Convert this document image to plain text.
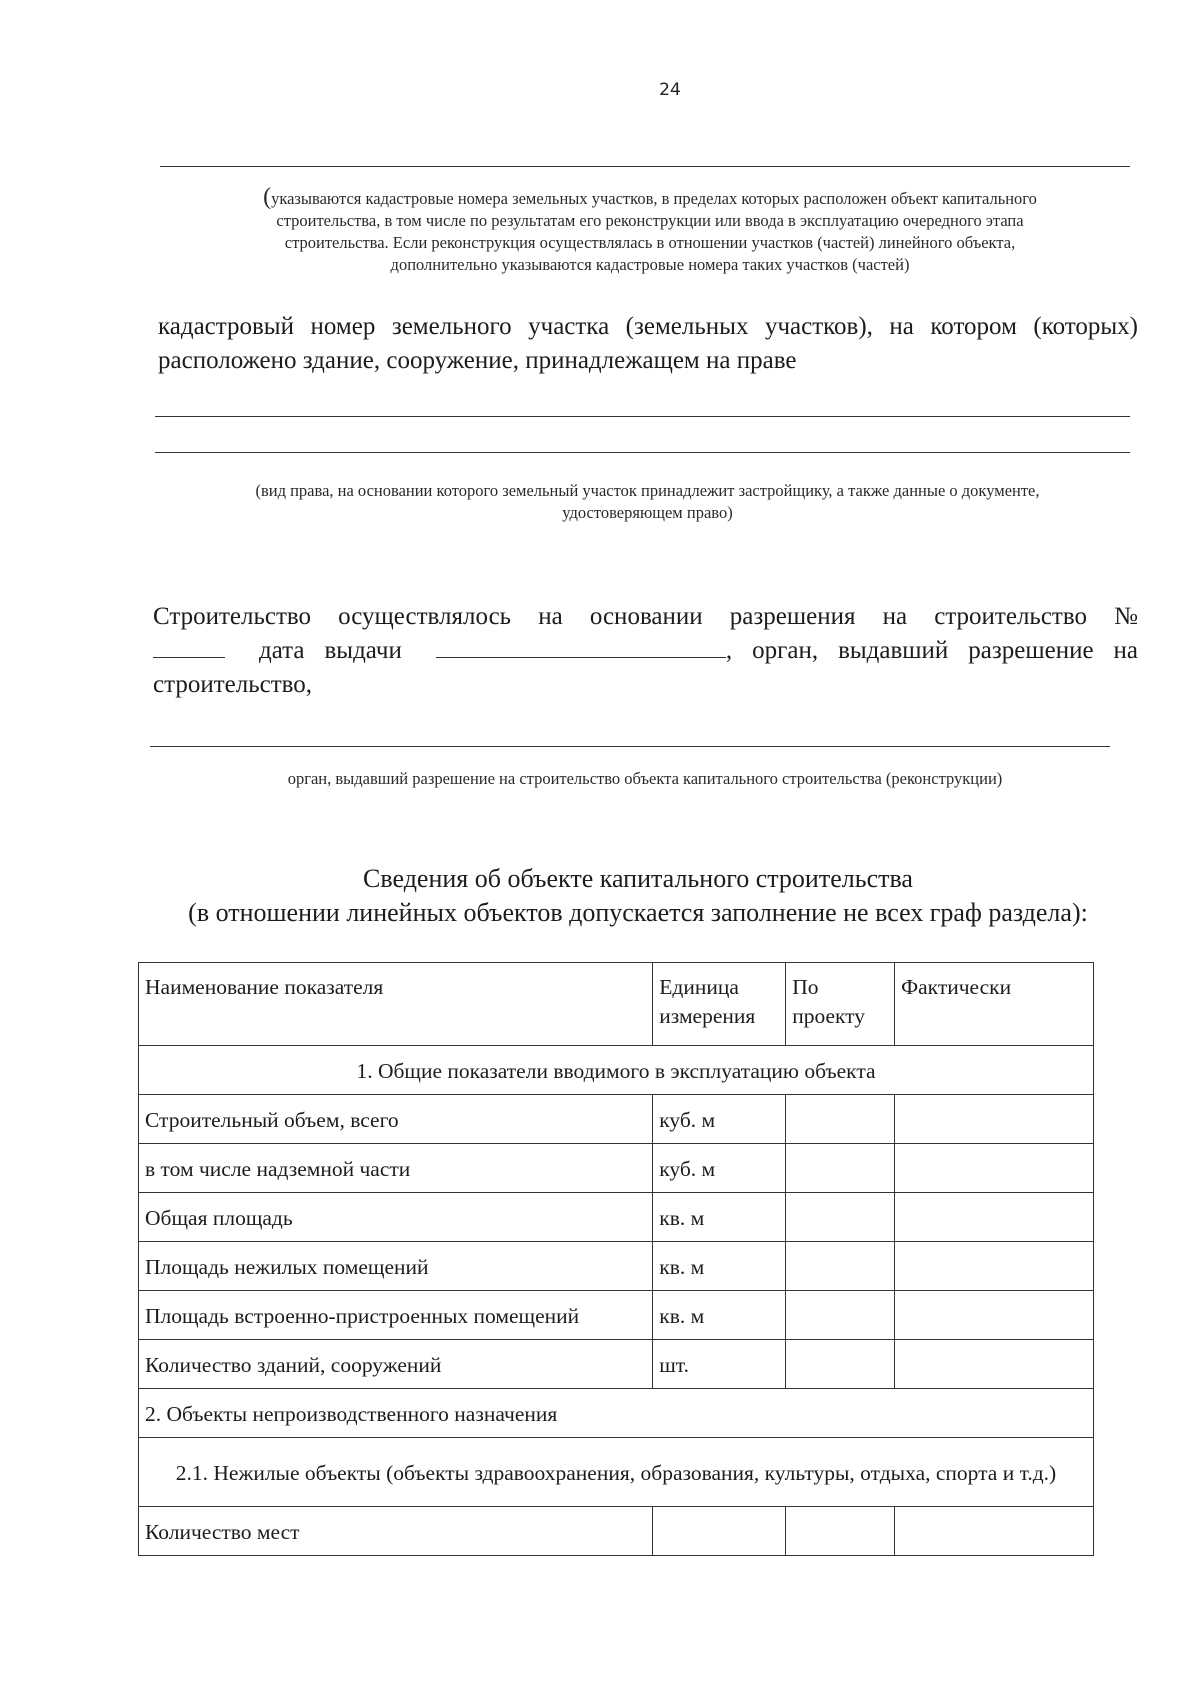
24
(указываются кадастровые номера земельных участков, в пределах которых расположен объект капитального
строительства, в том числе по результатам его реконструкции или ввода в эксплуатацию очередного этапа
строительства. Если реконструкция осуществлялась в отношении участков (частей) линейного объекта,
дополнительно указываются кадастровые номера таких участков (частей)
кадастровый номер земельного участка (земельных участков), на котором (которых) расположено здание, сооружение, принадлежащем на праве
(вид права, на основании которого земельный участок принадлежит застройщику, а также данные о документе,
удостоверяющем право)
Строительство осуществлялось на основании разрешения на строительство №
дата выдачи	, орган, выдавший разрешение на
строительство,
орган, выдавший разрешение на строительство объекта капитального строительства (реконструкции)
Сведения об объекте капитального строительства
(в отношении линейных объектов допускается заполнение не всех граф раздела):
Наименование показателя	Единица измерения	По проекту	Фактически
1. Общие показатели вводимого в эксплуатацию объекта			
Строительный объем, всего	куб. м		
в том числе надземной части	куб. м		
Общая площадь	кв. м		
Площадь нежилых помещений	кв. м		
Площадь встроенно-пристроенных помещений	кв. м		
Количество зданий, сооружений	шт.		
2. Объекты непроизводственного назначения			
2.1. Нежилые объекты (объекты здравоохранения, образования, культуры, отдыха, спорта и т.д.)			
Количество мест			
